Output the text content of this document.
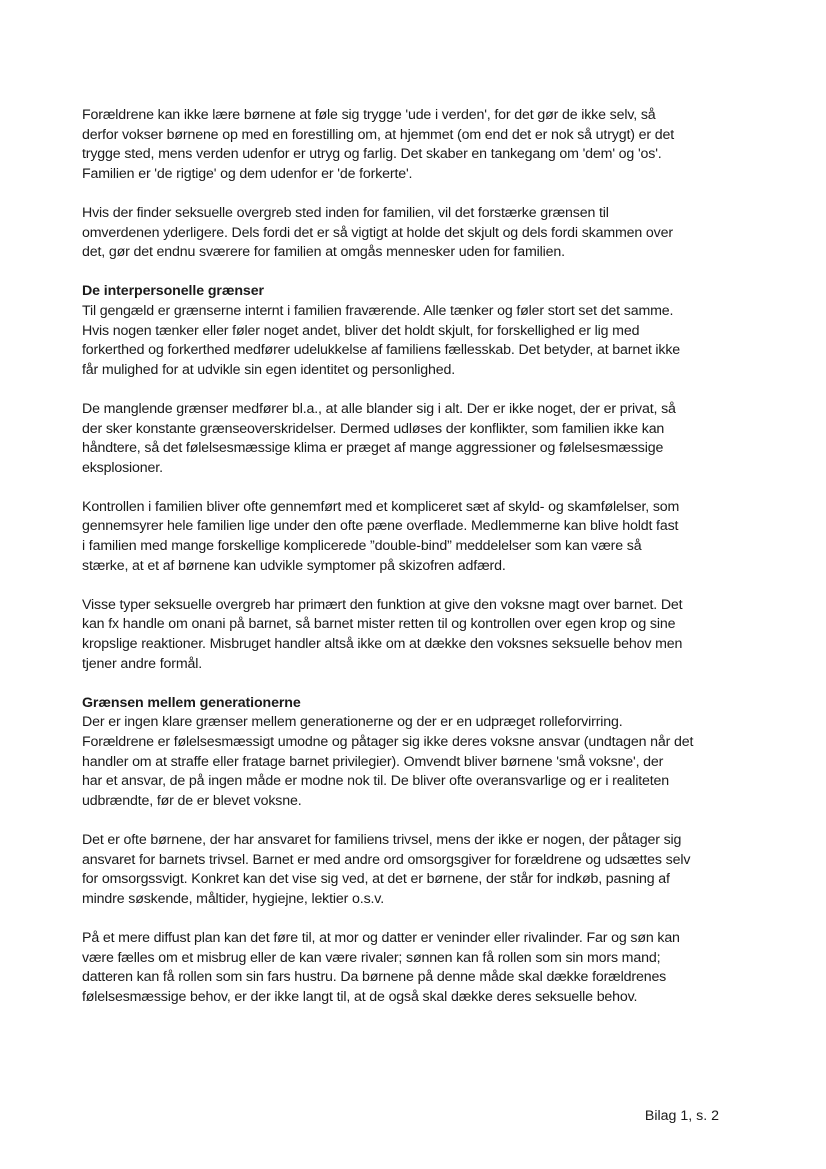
Forældrene kan ikke lære børnene at føle sig trygge 'ude i verden', for det gør de ikke selv, så
derfor vokser børnene op med en forestilling om, at hjemmet (om end det er nok så utrygt) er det
trygge sted, mens verden udenfor er utryg og farlig. Det skaber en tankegang om 'dem' og 'os'.
Familien er 'de rigtige' og dem udenfor er 'de forkerte'.
Hvis der finder seksuelle overgreb sted inden for familien, vil det forstærke grænsen til
omverdenen yderligere. Dels fordi det er så vigtigt at holde det skjult og dels fordi skammen over
det, gør det endnu sværere for familien at omgås mennesker uden for familien.
De interpersonelle grænser
Til gengæld er grænserne internt i familien fraværende. Alle tænker og føler stort set det samme.
Hvis nogen tænker eller føler noget andet, bliver det holdt skjult, for forskellighed er lig med
forkerthed og forkerthed medfører udelukkelse af familiens fællesskab. Det betyder, at barnet ikke
får mulighed for at udvikle sin egen identitet og personlighed.
De manglende grænser medfører bl.a., at alle blander sig i alt. Der er ikke noget, der er privat, så
der sker konstante grænseoverskridelser. Dermed udløses der konflikter, som familien ikke kan
håndtere, så det følelsesmæssige klima er præget af mange aggressioner og følelsesmæssige
eksplosioner.
Kontrollen i familien bliver ofte gennemført med et kompliceret sæt af skyld- og skamfølelser, som
gennemsyrer hele familien lige under den ofte pæne overflade. Medlemmerne kan blive holdt fast
i familien med mange forskellige komplicerede ”double-bind” meddelelser som kan være så
stærke, at et af børnene kan udvikle symptomer på skizofren adfærd.
Visse typer seksuelle overgreb har primært den funktion at give den voksne magt over barnet. Det
kan fx handle om onani på barnet, så barnet mister retten til og kontrollen over egen krop og sine
kropslige reaktioner. Misbruget handler altså ikke om at dække den voksnes seksuelle behov men
tjener andre formål.
Grænsen mellem generationerne
Der er ingen klare grænser mellem generationerne og der er en udpræget rolleforvirring.
Forældrene er følelsesmæssigt umodne og påtager sig ikke deres voksne ansvar (undtagen når det
handler om at straffe eller fratage barnet privilegier). Omvendt bliver børnene 'små voksne', der
har et ansvar, de på ingen måde er modne nok til. De bliver ofte overansvarlige og er i realiteten
udbrændte, før de er blevet voksne.
Det er ofte børnene, der har ansvaret for familiens trivsel, mens der ikke er nogen, der påtager sig
ansvaret for barnets trivsel. Barnet er med andre ord omsorgsgiver for forældrene og udsættes selv
for omsorgssvigt. Konkret kan det vise sig ved, at det er børnene, der står for indkøb, pasning af
mindre søskende, måltider, hygiejne, lektier o.s.v.
På et mere diffust plan kan det føre til, at mor og datter er veninder eller rivalinder. Far og søn kan
være fælles om et misbrug eller de kan være rivaler; sønnen kan få rollen som sin mors mand;
datteren kan få rollen som sin fars hustru. Da børnene på denne måde skal dække forældrenes
følelsesmæssige behov, er der ikke langt til, at de også skal dække deres seksuelle behov.
Bilag 1, s. 2
